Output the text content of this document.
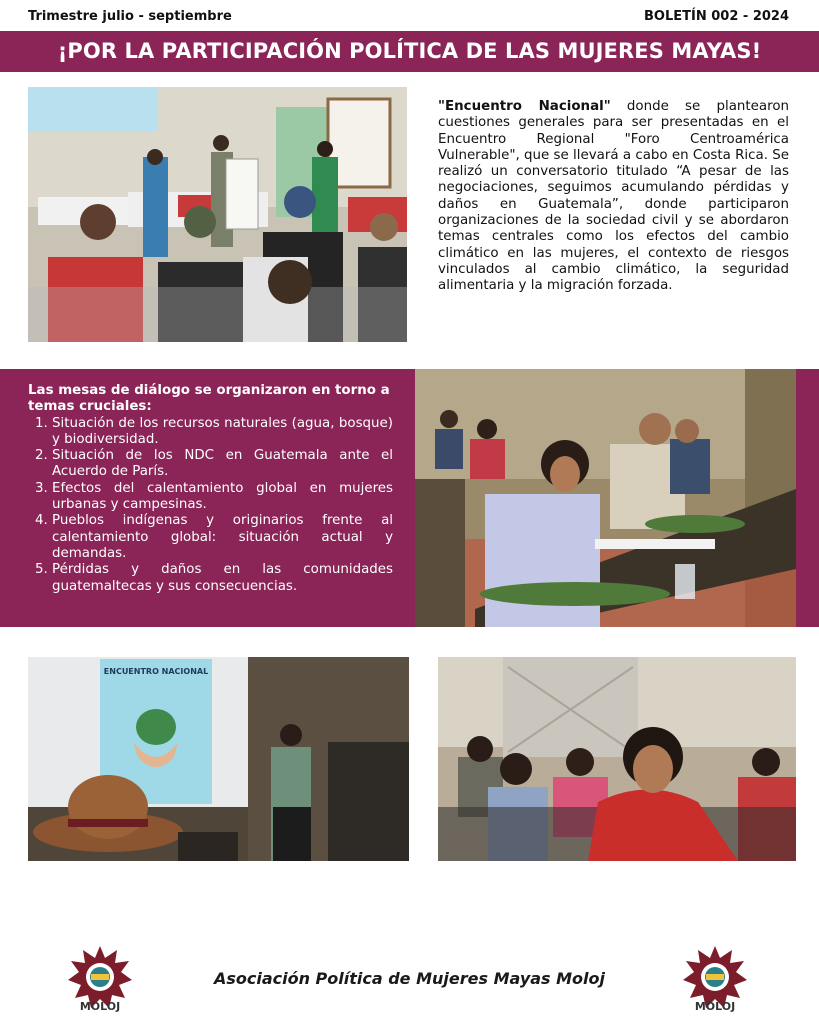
Trimestre julio - septiembre	BOLETÍN 002 - 2024
¡POR LA PARTICIPACIÓN POLÍTICA DE LAS MUJERES MAYAS!
"Encuentro Nacional" donde se plantearon cuestiones generales para ser presentadas en el Encuentro Regional "Foro Centroamérica Vulnerable", que se llevará a cabo en Costa Rica. Se realizó un conversatorio titulado “A pesar de las negociaciones, seguimos acumulando pérdidas y daños en Guatemala”, donde participaron organizaciones de la sociedad civil y se abordaron temas centrales como los efectos del cambio climático en las mujeres, el contexto de riesgos vinculados al cambio climático, la seguridad alimentaria y la migración forzada.
Las mesas de diálogo se organizaron en torno a temas cruciales:
1. Situación de los recursos naturales (agua, bosque) y biodiversidad.
2. Situación de los NDC en Guatemala ante el Acuerdo de París.
3. Efectos del calentamiento global en mujeres urbanas y campesinas.
4. Pueblos indígenas y originarios frente al calentamiento global: situación actual y demandas.
5. Pérdidas y daños en las comunidades guatemaltecas y sus consecuencias.
ENCUENTRO NACIONAL
MOLOJ
Asociación Política de Mujeres Mayas Moloj
MOLOJ
